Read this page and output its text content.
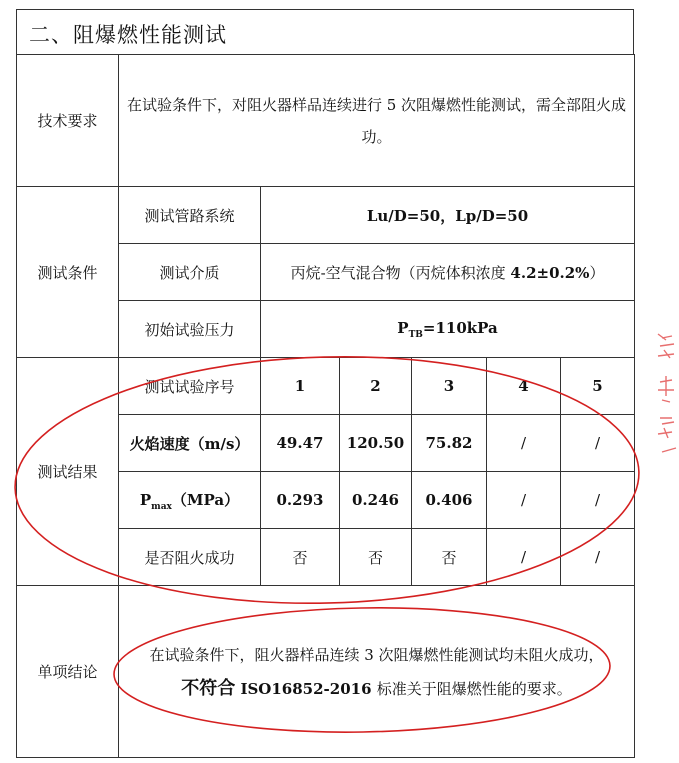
二、阻爆燃性能测试
技术要求	在试验条件下，对阻火器样品连续进行 5 次阻爆燃性能测试，需全部阻火成功。					
测试条件	测试管路系统	Lu/D=50，Lp/D=50				
	测试介质	丙烷-空气混合物（丙烷体积浓度 4.2±0.2%）				
	初始试验压力	$P_{TB}=110kPa$				
测试结果	测试试验序号	1	2	3	4	5
	火焰速度（m/s）	49.47	120.50	75.82	/	/
	$P_{max}(MPa)$	0.293	0.246	0.406	/	/
	是否阻火成功	否	否	否	/	/
单项结论	在试验条件下，阻火器样品连续 3 次阻爆燃性能测试均未阻火成功，
不符合 ISO16852-2016 标准关于阻爆燃性能的要求。					
